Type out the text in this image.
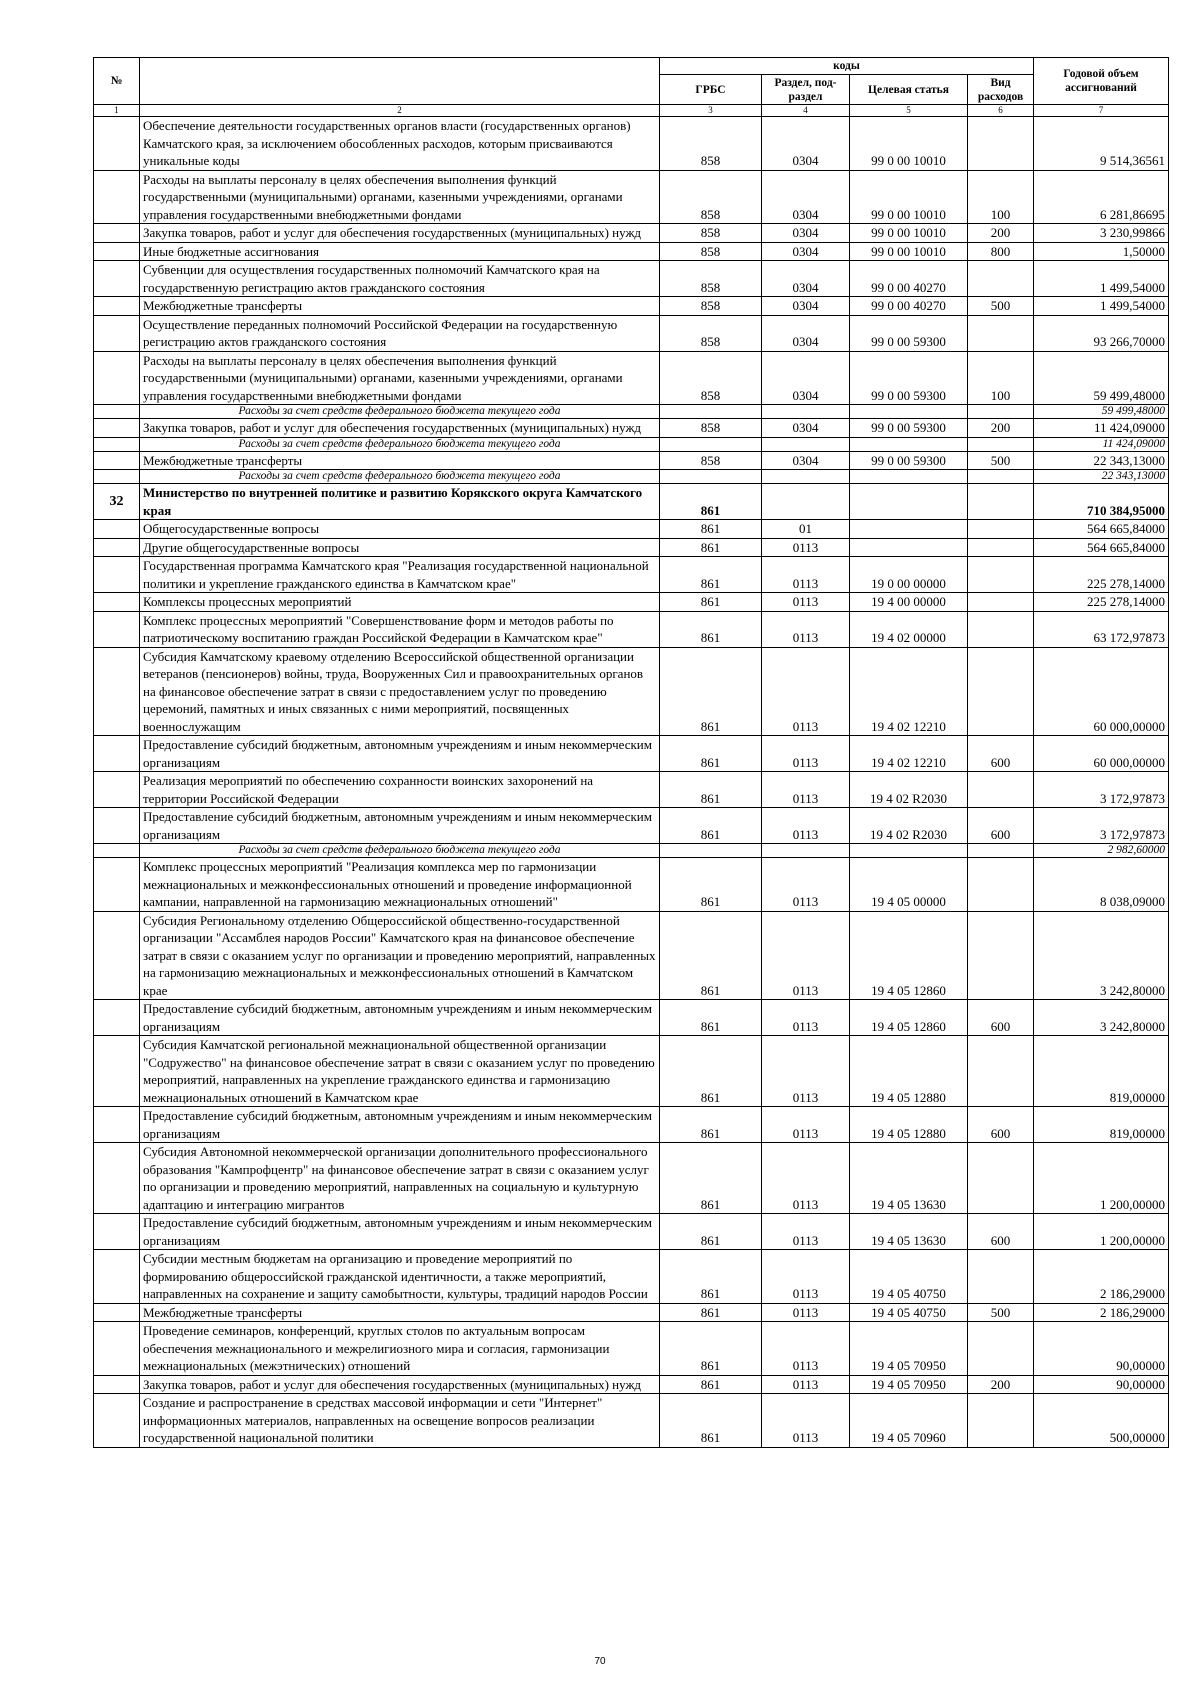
№		коды				Годовой объем ассигнований
		ГРБС	Раздел, под-раздел	Целевая статья	Вид расходов	
1	2	3	4	5	6	7
	Обеспечение деятельности государственных органов власти (государственных органов) Камчатского края, за исключением обособленных расходов, которым присваиваются уникальные коды	858	0304	99 0 00 10010		9 514,36561
	Расходы на выплаты персоналу в целях обеспечения выполнения функций государственными (муниципальными) органами, казенными учреждениями, органами управления государственными внебюджетными фондами	858	0304	99 0 00 10010	100	6 281,86695
	Закупка товаров, работ и услуг для обеспечения государственных (муниципальных) нужд	858	0304	99 0 00 10010	200	3 230,99866
	Иные бюджетные ассигнования	858	0304	99 0 00 10010	800	1,50000
	Субвенции для осуществления государственных полномочий Камчатского края на государственную регистрацию актов гражданского состояния	858	0304	99 0 00 40270		1 499,54000
	Межбюджетные трансферты	858	0304	99 0 00 40270	500	1 499,54000
	Осуществление переданных полномочий Российской Федерации на государственную регистрацию актов гражданского состояния	858	0304	99 0 00 59300		93 266,70000
	Расходы на выплаты персоналу в целях обеспечения выполнения функций государственными (муниципальными) органами, казенными учреждениями, органами управления государственными внебюджетными фондами	858	0304	99 0 00 59300	100	59 499,48000
	Расходы за счет средств федерального бюджета текущего года					59 499,48000
	Закупка товаров, работ и услуг для обеспечения государственных (муниципальных) нужд	858	0304	99 0 00 59300	200	11 424,09000
	Расходы за счет средств федерального бюджета текущего года					11 424,09000
	Межбюджетные трансферты	858	0304	99 0 00 59300	500	22 343,13000
	Расходы за счет средств федерального бюджета текущего года					22 343,13000
32	Министерство по внутренней политике и развитию Корякского округа Камчатского края	861				710 384,95000
	Общегосударственные вопросы	861	01			564 665,84000
	Другие общегосударственные вопросы	861	0113			564 665,84000
	Государственная программа Камчатского края "Реализация государственной национальной политики и укрепление гражданского единства в Камчатском крае"	861	0113	19 0 00 00000		225 278,14000
	Комплексы процессных мероприятий	861	0113	19 4 00 00000		225 278,14000
	Комплекс процессных мероприятий "Совершенствование форм и методов работы по патриотическому воспитанию граждан Российской Федерации в Камчатском крае"	861	0113	19 4 02 00000		63 172,97873
	Субсидия Камчатскому краевому отделению Всероссийской общественной организации ветеранов (пенсионеров) войны, труда, Вооруженных Сил и правоохранительных органов на финансовое обеспечение затрат в связи с предоставлением услуг по проведению церемоний, памятных и иных связанных с ними мероприятий, посвященных военнослужащим	861	0113	19 4 02 12210		60 000,00000
	Предоставление субсидий бюджетным, автономным учреждениям и иным некоммерческим организациям	861	0113	19 4 02 12210	600	60 000,00000
	Реализация мероприятий по обеспечению сохранности воинских захоронений на территории Российской Федерации	861	0113	19 4 02 R2030		3 172,97873
	Предоставление субсидий бюджетным, автономным учреждениям и иным некоммерческим организациям	861	0113	19 4 02 R2030	600	3 172,97873
	Расходы за счет средств федерального бюджета текущего года					2 982,60000
	Комплекс процессных мероприятий "Реализация комплекса мер по гармонизации межнациональных и межконфессиональных отношений и проведение информационной кампании, направленной на гармонизацию межнациональных отношений"	861	0113	19 4 05 00000		8 038,09000
	Субсидия Региональному отделению Общероссийской общественно-государственной организации "Ассамблея народов России" Камчатского края на финансовое обеспечение затрат в связи с оказанием услуг по организации и проведению мероприятий, направленных на гармонизацию межнациональных и межконфессиональных отношений в Камчатском крае	861	0113	19 4 05 12860		3 242,80000
	Предоставление субсидий бюджетным, автономным учреждениям и иным некоммерческим организациям	861	0113	19 4 05 12860	600	3 242,80000
	Субсидия Камчатской региональной межнациональной общественной организации "Содружество" на финансовое обеспечение затрат в связи с оказанием услуг по проведению мероприятий, направленных на укрепление гражданского единства и гармонизацию межнациональных отношений в Камчатском крае	861	0113	19 4 05 12880		819,00000
	Предоставление субсидий бюджетным, автономным учреждениям и иным некоммерческим организациям	861	0113	19 4 05 12880	600	819,00000
	Субсидия Автономной некоммерческой организации дополнительного профессионального образования "Кампрофцентр" на финансовое обеспечение затрат в связи с оказанием услуг по организации и проведению мероприятий, направленных на социальную и культурную адаптацию и интеграцию мигрантов	861	0113	19 4 05 13630		1 200,00000
	Предоставление субсидий бюджетным, автономным учреждениям и иным некоммерческим организациям	861	0113	19 4 05 13630	600	1 200,00000
	Субсидии местным бюджетам на организацию и проведение мероприятий по формированию общероссийской гражданской идентичности, а также мероприятий, направленных на сохранение и защиту самобытности, культуры, традиций народов России	861	0113	19 4 05 40750		2 186,29000
	Межбюджетные трансферты	861	0113	19 4 05 40750	500	2 186,29000
	Проведение семинаров, конференций, круглых столов по актуальным вопросам обеспечения межнационального и межрелигиозного мира и согласия, гармонизации межнациональных (межэтнических) отношений	861	0113	19 4 05 70950		90,00000
	Закупка товаров, работ и услуг для обеспечения государственных (муниципальных) нужд	861	0113	19 4 05 70950	200	90,00000
	Создание и распространение в средствах массовой информации и сети "Интернет" информационных материалов, направленных на освещение вопросов реализации государственной национальной политики	861	0113	19 4 05 70960		500,00000
70
